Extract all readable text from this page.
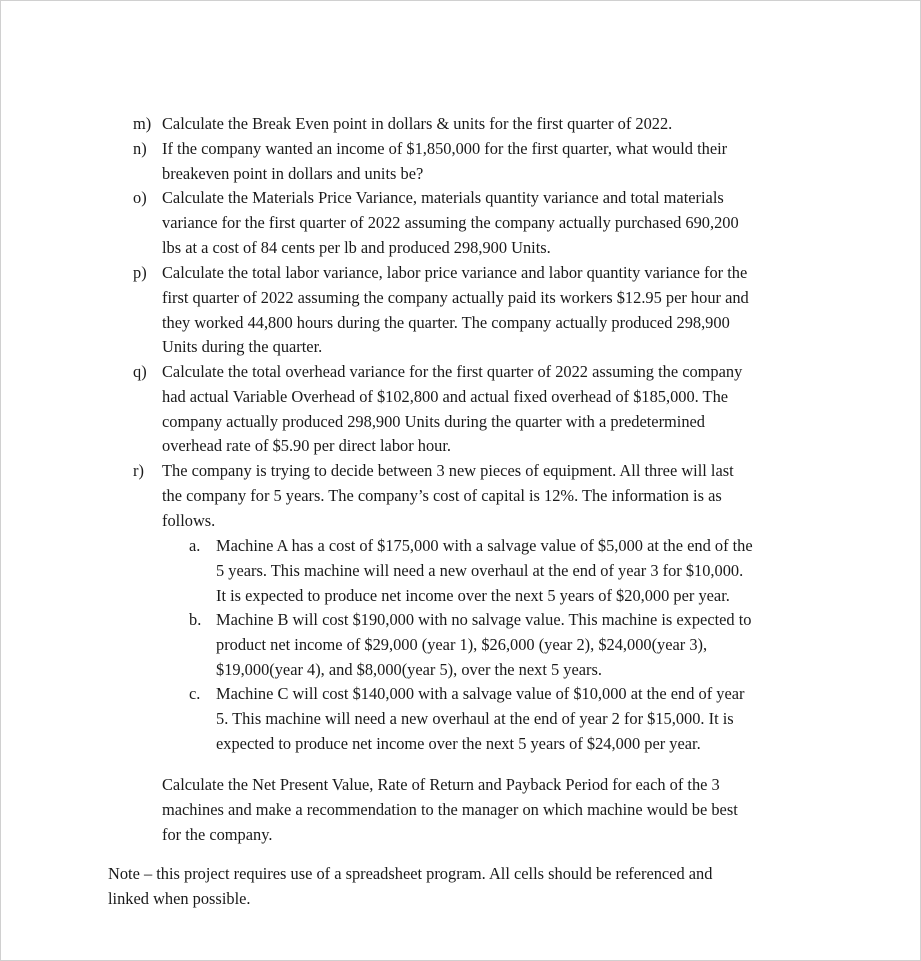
m) Calculate the Break Even point in dollars & units for the first quarter of 2022.
n) If the company wanted an income of $1,850,000 for the first quarter, what would their
breakeven point in dollars and units be?
o) Calculate the Materials Price Variance, materials quantity variance and total materials
variance for the first quarter of 2022 assuming the company actually purchased 690,200
lbs at a cost of 84 cents per lb and produced 298,900 Units.
p) Calculate the total labor variance, labor price variance and labor quantity variance for the
first quarter of 2022 assuming the company actually paid its workers $12.95 per hour and
they worked 44,800 hours during the quarter. The company actually produced 298,900
Units during the quarter.
q) Calculate the total overhead variance for the first quarter of 2022 assuming the company
had actual Variable Overhead of $102,800 and actual fixed overhead of $185,000. The
company actually produced 298,900 Units during the quarter with a predetermined
overhead rate of $5.90 per direct labor hour.
r)	The company is trying to decide between 3 new pieces of equipment. All three will last
the company for 5 years. The company’s cost of capital is 12%. The information is as
follows.
a. Machine A has a cost of $175,000 with a salvage value of $5,000 at the end of the
5 years. This machine will need a new overhaul at the end of year 3 for $10,000.
It is expected to produce net income over the next 5 years of $20,000 per year.
b. Machine B will cost $190,000 with no salvage value. This machine is expected to
product net income of $29,000 (year 1), $26,000 (year 2), $24,000(year 3),
$19,000(year 4), and $8,000(year 5), over the next 5 years.
c. Machine C will cost $140,000 with a salvage value of $10,000 at the end of year
5. This machine will need a new overhaul at the end of year 2 for $15,000. It is
expected to produce net income over the next 5 years of $24,000 per year.
Calculate the Net Present Value, Rate of Return and Payback Period for each of the 3
machines and make a recommendation to the manager on which machine would be best
for the company.
Note – this project requires use of a spreadsheet program. All cells should be referenced and
linked when possible.
